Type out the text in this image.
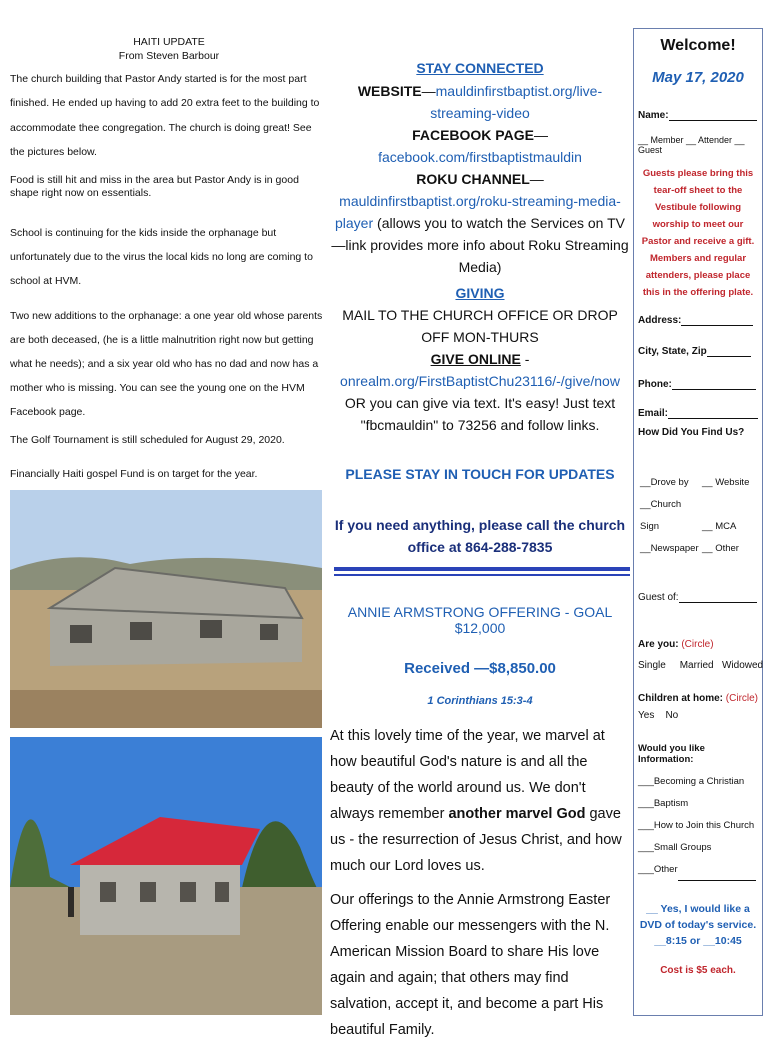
HAITI UPDATE
From Steven Barbour

The church building that Pastor Andy started is for the most part finished. He ended up having to add 20 extra feet to the building to accommodate thee congregation. The church is doing great! See the pictures below.

Food is still hit and miss in the area but Pastor Andy is in good shape right now on essentials.

School is continuing for the kids inside the orphanage but unfortunately due to the virus the local kids no long are coming to school at HVM.

Two new additions to the orphanage: a one year old whose parents are both deceased, (he is a little malnutrition right now but getting what he needs); and a six year old who has no dad and now has a mother who is missing. You can see the young one on the HVM Facebook page.

The Golf Tournament is still scheduled for August 29, 2020.

Financially Haiti gospel Fund is on target for the year.

STAY CONNECTED
WEBSITE—mauldinfirstbaptist.org/live-streaming-video
FACEBOOK PAGE—facebook.com/firstbaptistmauldin
ROKU CHANNEL—mauldinfirstbaptist.org/roku-streaming-media-player (allows you to watch the Services on TV—link provides more info about Roku Streaming Media)
GIVING
MAIL TO THE CHURCH OFFICE OR DROP OFF MON-THURS
GIVE ONLINE - onrealm.org/FirstBaptistChu23116/-/give/now
OR you can give via text. It's easy! Just text "fbcmauldin" to 73256 and follow links.
PLEASE STAY IN TOUCH FOR UPDATES
If you need anything, please call the church office at 864-288-7835
ANNIE ARMSTRONG OFFERING - GOAL $12,000
Received —$8,850.00
1 Corinthians 15:3-4
At this lovely time of the year, we marvel at how beautiful God's nature is and all the beauty of the world around us. We don't always remember another marvel God gave us - the resurrection of Jesus Christ, and how much our Lord loves us.
Our offerings to the Annie Armstrong Easter Offering enable our messengers with the N. American Mission Board to share His love again and again; that others may find salvation, accept it, and become a part His beautiful Family.
Welcome!
May 17, 2020
Name:
__ Member __ Attender __ Guest
Guests please bring this tear-off sheet to the Vestibule following worship to meet our Pastor and receive a gift. Members and regular attenders, please place this in the offering plate.
Address:
City, State, Zip
Phone:
Email:
How Did You Find Us?
__Drove by __ Website
__Church Sign	__ MCA
__Newspaper __ Other
Guest of:
Are you: (Circle)
Single Married Widowed
Children at home: (Circle)
Yes No
Would you like Information:
___Becoming a Christian
___Baptism
___How to Join this Church
___Small Groups
___Other
__ Yes, I would like a DVD of today's service.
__8:15 or __10:45
Cost is $5 each.
